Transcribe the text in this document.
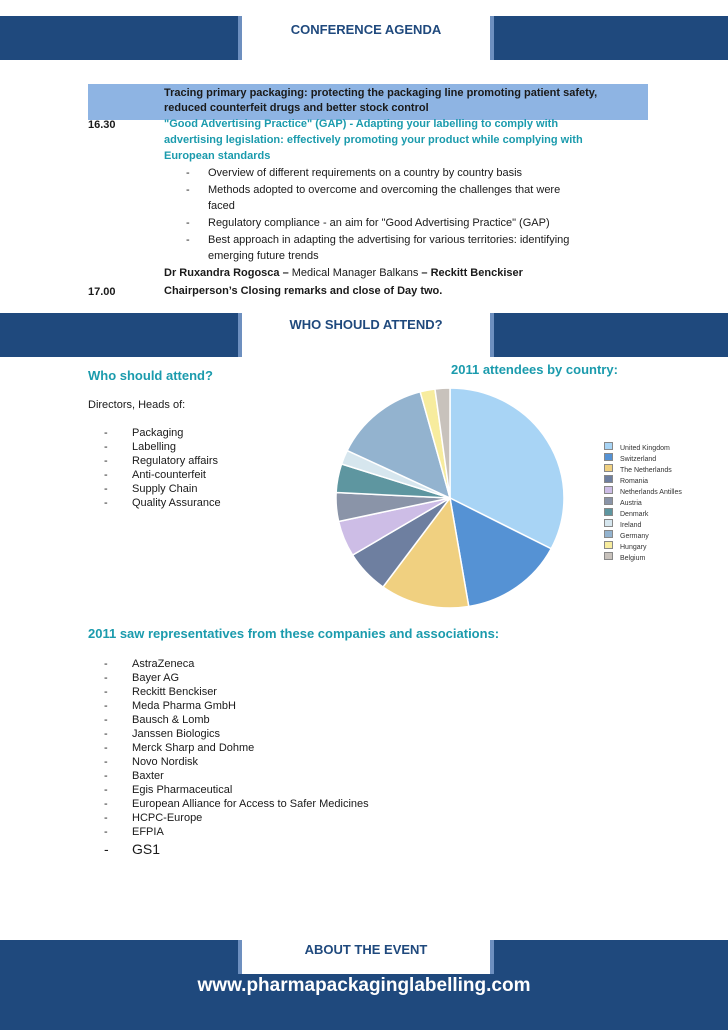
CONFERENCE AGENDA
Tracing primary packaging: protecting the packaging line promoting patient safety,
reduced counterfeit drugs and better stock control
16.30	"Good Advertising Practice" (GAP) - Adapting your labelling to comply with
advertising legislation: effectively promoting your product while complying with
European standards
- Overview of different requirements on a country by country basis
- Methods adopted to overcome and overcoming the challenges that were
faced
- Regulatory compliance - an aim for "Good Advertising Practice" (GAP)
- Best approach in adapting the advertising for various territories: identifying
emerging future trends
Dr Ruxandra Rogosca – Medical Manager Balkans – Reckitt Benckiser
17.00	Chairperson’s Closing remarks and close of Day two.
WHO SHOULD ATTEND?
Who should attend?	2011 attendees by country:
Directors, Heads of:
- Packaging
- Labelling
- Regulatory affairs
- Anti-counterfeit
- Supply Chain
- Quality Assurance
United Kingdom
Switzerland
The Netherlands
Romania
Netherlands Antilles
Austria
Denmark
Ireland
Germany
Hungary
Belgium
2011 saw representatives from these companies and associations:
- AstraZeneca
- Bayer AG
- Reckitt Benckiser
- Meda Pharma GmbH
- Bausch & Lomb
- Janssen Biologics
- Merck Sharp and Dohme
- Novo Nordisk
- Baxter
- Egis Pharmaceutical
- European Alliance for Access to Safer Medicines
- HCPC-Europe
- EFPIA
- GS1
ABOUT THE EVENT
www.pharmapackaginglabelling.com
